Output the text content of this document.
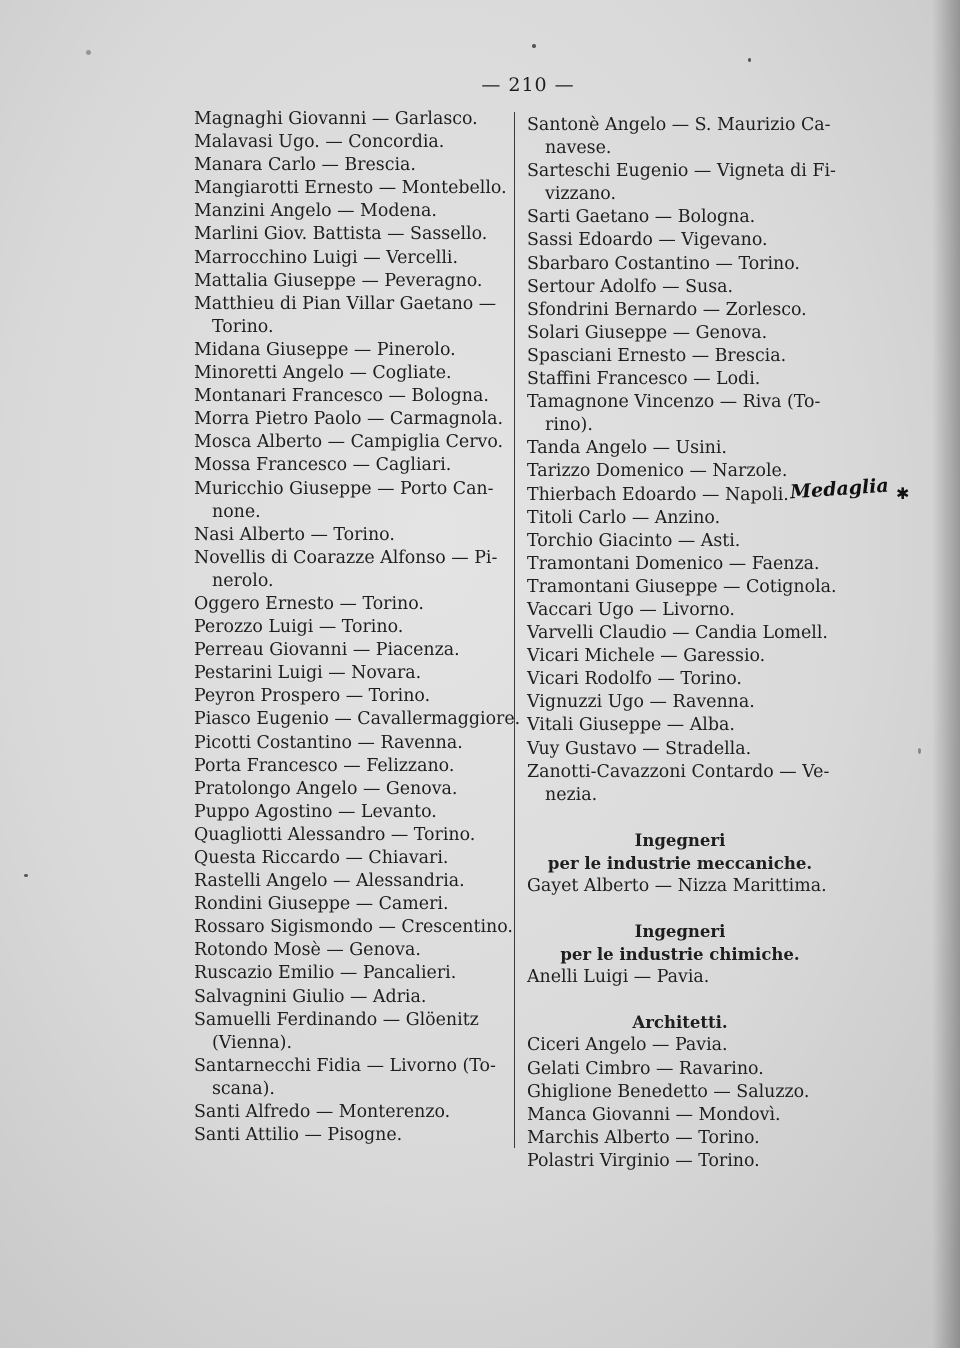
— 210 —
Magnaghi Giovanni — Garlasco.
Malavasi Ugo. — Concordia.
Manara Carlo — Brescia.
Mangiarotti Ernesto — Montebello.
Manzini Angelo — Modena.
Marlini Giov. Battista — Sassello.
Marrocchino Luigi — Vercelli.
Mattalia Giuseppe — Peveragno.
Matthieu di Pian Villar Gaetano —
Torino.
Midana Giuseppe — Pinerolo.
Minoretti Angelo — Cogliate.
Montanari Francesco — Bologna.
Morra Pietro Paolo — Carmagnola.
Mosca Alberto — Campiglia Cervo.
Mossa Francesco — Cagliari.
Muricchio Giuseppe — Porto Can-
none.
Nasi Alberto — Torino.
Novellis di Coarazze Alfonso — Pi-
nerolo.
Oggero Ernesto — Torino.
Perozzo Luigi — Torino.
Perreau Giovanni — Piacenza.
Pestarini Luigi — Novara.
Peyron Prospero — Torino.
Piasco Eugenio — Cavallermaggiore.
Picotti Costantino — Ravenna.
Porta Francesco — Felizzano.
Pratolongo Angelo — Genova.
Puppo Agostino — Levanto.
Quagliotti Alessandro — Torino.
Questa Riccardo — Chiavari.
Rastelli Angelo — Alessandria.
Rondini Giuseppe — Cameri.
Rossaro Sigismondo — Crescentino.
Rotondo Mosè — Genova.
Ruscazio Emilio — Pancalieri.
Salvagnini Giulio — Adria.
Samuelli Ferdinando — Glöenitz
(Vienna).
Santarnecchi Fidia — Livorno (To-
scana).
Santi Alfredo — Monterenzo.
Santi Attilio — Pisogne.
Santonè Angelo — S. Maurizio Ca-
navese.
Sarteschi Eugenio — Vigneta di Fi-
vizzano.
Sarti Gaetano — Bologna.
Sassi Edoardo — Vigevano.
Sbarbaro Costantino — Torino.
Sertour Adolfo — Susa.
Sfondrini Bernardo — Zorlesco.
Solari Giuseppe — Genova.
Spasciani Ernesto — Brescia.
Staffini Francesco — Lodi.
Tamagnone Vincenzo — Riva (To-
rino).
Tanda Angelo — Usini.
Tarizzo Domenico — Narzole.
Thierbach Edoardo — Napoli.
Titoli Carlo — Anzino.
Torchio Giacinto — Asti.
Tramontani Domenico — Faenza.
Tramontani Giuseppe — Cotignola.
Vaccari Ugo — Livorno.
Varvelli Claudio — Candia Lomell.
Vicari Michele — Garessio.
Vicari Rodolfo — Torino.
Vignuzzi Ugo — Ravenna.
Vitali Giuseppe — Alba.
Vuy Gustavo — Stradella.
Zanotti-Cavazzoni Contardo — Ve-
nezia.
Ingegneri
per le industrie meccaniche.
Gayet Alberto — Nizza Marittima.
Ingegneri
per le industrie chimiche.
Anelli Luigi — Pavia.
Architetti.
Ciceri Angelo — Pavia.
Gelati Cimbro — Ravarino.
Ghiglione Benedetto — Saluzzo.
Manca Giovanni — Mondovì.
Marchis Alberto — Torino.
Polastri Virginio — Torino.
Medaglia ✱
